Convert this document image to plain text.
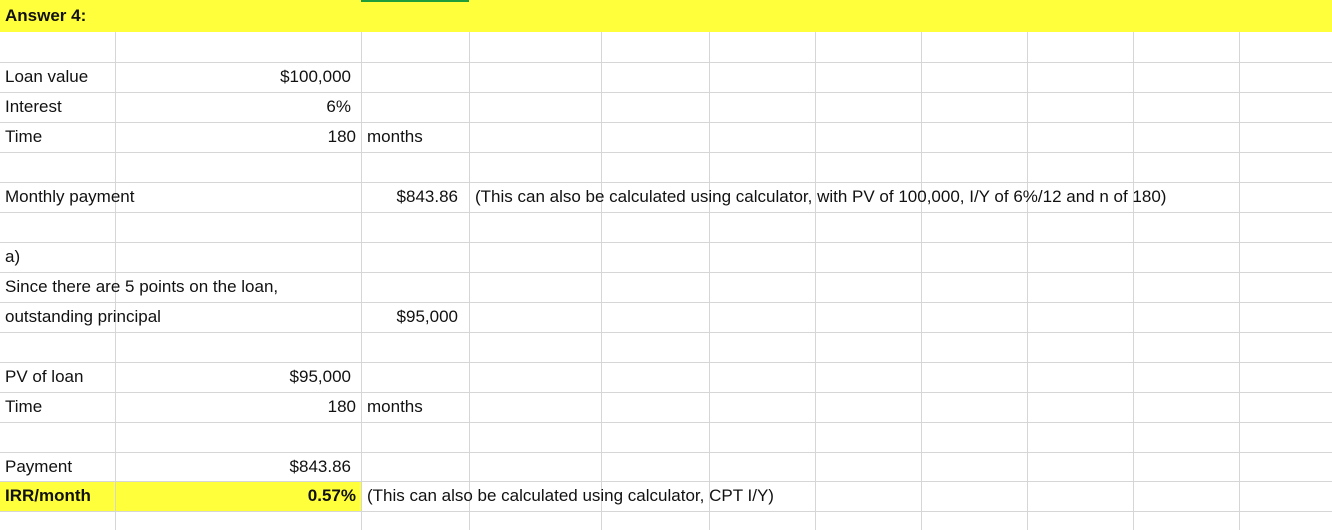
Answer 4:
Loan value	$100,000
Interest	6%
Time	180 months
Monthly payment	$843.86 (This can also be calculated using calculator, with PV of 100,000, I/Y of 6%/12 and n of 180)
a)
Since there are 5 points on the loan,
outstanding principal	$95,000
PV of loan	$95,000
Time	180 months
Payment	$843.86
IRR/month	0.57% (This can also be calculated using calculator, CPT I/Y)
